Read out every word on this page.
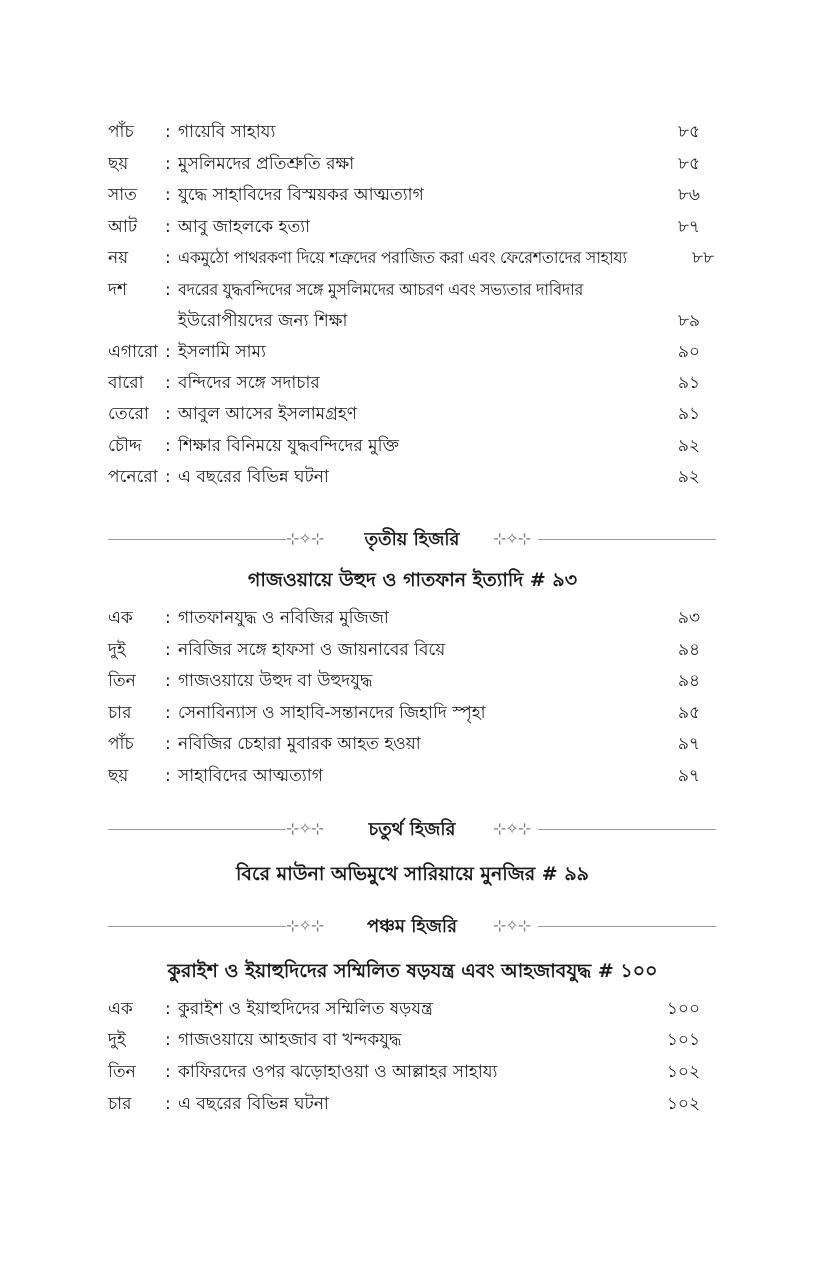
পাঁচ : গায়েবি সাহায্য	৮৫
ছয় : মুসলিমদের প্রতিশ্রুতি রক্ষা	৮৫
সাত : যুদ্ধে সাহাবিদের বিস্ময়কর আত্মত্যাগ	৮৬
আট : আবু জাহলকে হত্যা	৮৭
নয় : একমুঠো পাথরকণা দিয়ে শত্রুদের পরাজিত করা এবং ফেরেশতাদের সাহায্য	৮৮
দশ : বদরের যুদ্ধবন্দিদের সঙ্গে মুসলিমদের আচরণ এবং সভ্যতার দাবিদার
ইউরোপীয়দের জন্য শিক্ষা	৮৯
এগারো : ইসলামি সাম্য	৯০
বারো : বন্দিদের সঙ্গে সদাচার	৯১
তেরো : আবুল আসের ইসলামগ্রহণ	৯১
চৌদ্দ : শিক্ষার বিনিময়ে যুদ্ধবন্দিদের মুক্তি	৯২
পনেরো : এ বছরের বিভিন্ন ঘটনা	৯২
⊹✧⊹	তৃতীয় হিজরি	⊹✧⊹
গাজওয়ায়ে উহুদ ও গাতফান ইত্যাদি # ৯৩
এক : গাতফানযুদ্ধ ও নবিজির মুজিজা	৯৩
দুই : নবিজির সঙ্গে হাফসা ও জায়নাবের বিয়ে	৯৪
তিন : গাজওয়ায়ে উহুদ বা উহুদযুদ্ধ	৯৪
চার : সেনাবিন্যাস ও সাহাবি-সন্তানদের জিহাদি স্পৃহা	৯৫
পাঁচ : নবিজির চেহারা মুবারক আহত হওয়া	৯৭
ছয় : সাহাবিদের আত্মত্যাগ	৯৭
⊹✧⊹	চতুর্থ হিজরি	⊹✧⊹
বিরে মাউনা অভিমুখে সারিয়ায়ে মুনজির # ৯৯
⊹✧⊹	পঞ্চম হিজরি	⊹✧⊹
কুরাইশ ও ইয়াহুদিদের সম্মিলিত ষড়যন্ত্র এবং আহজাবযুদ্ধ # ১০০
এক : কুরাইশ ও ইয়াহুদিদের সম্মিলিত ষড়যন্ত্র	১০০
দুই : গাজওয়ায়ে আহজাব বা খন্দকযুদ্ধ	১০১
তিন : কাফিরদের ওপর ঝড়োহাওয়া ও আল্লাহর সাহায্য	১০২
চার : এ বছরের বিভিন্ন ঘটনা	১০২
